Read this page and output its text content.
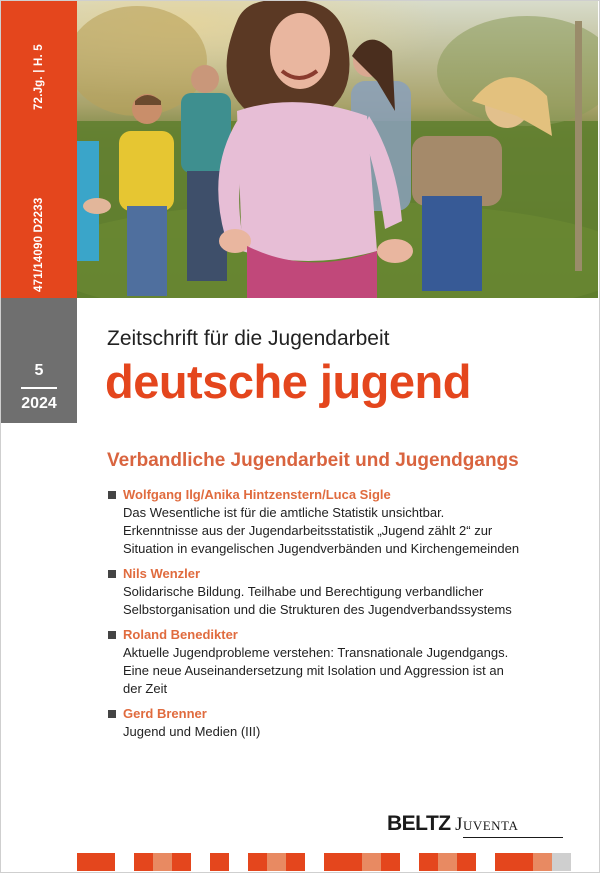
471/14090 D2233
72.Jg. | H. 5
5
2024
Zeitschrift für die Jugendarbeit
deutsche jugend
Verbandliche Jugendarbeit und Jugendgangs
Wolfgang Ilg/Anika Hintzenstern/Luca Sigle
Das Wesentliche ist für die amtliche Statistik unsichtbar.
Erkenntnisse aus der Jugendarbeitsstatistik „Jugend zählt 2“ zur
Situation in evangelischen Jugendverbänden und Kirchengemeinden
Nils Wenzler
Solidarische Bildung. Teilhabe und Berechtigung verbandlicher
Selbstorganisation und die Strukturen des Jugendverbandssystems
Roland Benedikter
Aktuelle Jugendprobleme verstehen: Transnationale Jugendgangs.
Eine neue Auseinandersetzung mit Isolation und Aggression ist an
der Zeit
Gerd Brenner
Jugend und Medien (III)
BELTZ Juventa
